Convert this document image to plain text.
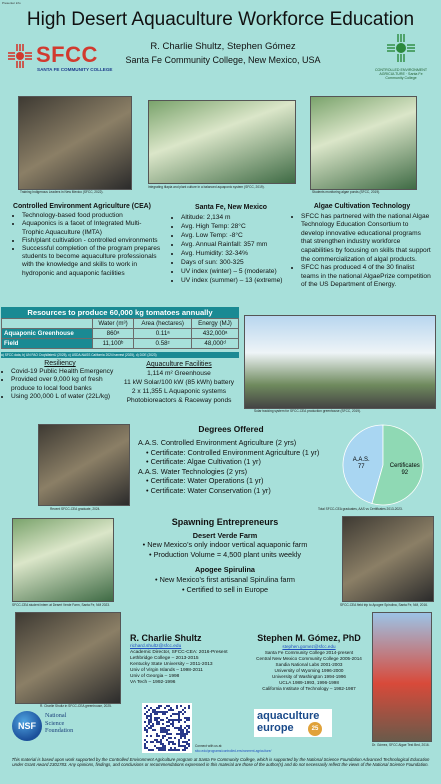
Presenter info
High Desert Aquaculture Workforce Education
SFCC
SANTA FE COMMUNITY COLLEGE
R. Charlie Shultz, Stephen Gómez
Santa Fe Community College, New Mexico, USA
CONTROLLED ENVIRONMENT AGRICULTURE · Santa Fe Community College
Training Indigenous Leaders in New Mexico (SFCC, 2022).
Integrating tilapia and plant culture in a balanced aquaponic system (SFCC, 2019).
Students monitoring algae ponds (SFCC, 2019).
Controlled Environment Agriculture (CEA)
• Technology-based food production
• Aquaponics is a facet of Integrated Multi-Trophic Aquaculture (IMTA)
• Fish/plant cultivation - controlled environments
• Successful completion of the program prepares students to become aquaculture professionals with the knowledge and skills to work in hydroponic and aquaponic facilities
Santa Fe, New Mexico
• Altitude: 2,134 m
• Avg. High Temp: 28°C
• Avg. Low Temp: -8°C
• Avg. Annual Rainfall: 357 mm
• Avg. Humidity: 32-34%
• Days of sun: 300-325
• UV index (winter) – 5 (moderate)
• UV index (summer) – 13 (extreme)
Algae Cultivation Technology
• SFCC has partnered with the national Algae Technology Education Consortium to develop innovative educational programs that strengthen industry workforce capabilities by focusing on skills that support the commercialization of algal products.
• SFCC has produced 4 of the 30 finalist teams in the national AlgaePrize competition of the US Department of Energy.
Resources to produce 60,000 kg tomatoes annually
	Water (m³)	Area (hectares)	Energy (MJ)
Aquaponic Greenhouse	860ᵃ	0.11ᵃ	432,000ᵃ
Field	11,100ᵇ	0.58ᶜ	48,000ᵈ
a) SFCC data, b) UN FAO CropWaterU (2025), c) USDA-NASS California 2024 harvest (2025), d) DOE (2023)
Resiliency
• Covid-19 Public Health Emergency
• Provided over 9,000 kg of fresh produce to local food banks
• Using 200,000 L of water (22L/kg)
Aquaculture Facilities
1,114 m² Greenhouse
11 kW Solar/100 kW (85 kWh) battery
2 x 11,355 L Aquaponic systems
Photobioreactors & Raceway ponds
Solar tracking system for SFCC-CEA production greenhouse (SFCC, 2019).
Recent SFCC-CEA graduate, 2024.
Degrees Offered
A.A.S. Controlled Environment Agriculture (2 yrs)
• Certificate: Controlled Environment Agriculture (1 yr)
• Certificate: Algae Cultivation (1 yr)
A.A.S. Water Technologies (2 yrs)
• Certificate: Water Operations (1 yr)
• Certificate: Water Conservation (1 yr)
A.A.S.
77	Certificates
92
Total SFCC-CEA graduates, AAS vs Certificates 2013-2023.
SFCC-CEA student intern at Desert Verde Farm, Santa Fe, NM 2023.
Spawning Entrepreneurs
Desert Verde Farm
• New Mexico’s only indoor vertical aquaponic farm
• Production Volume = 4,500 plant units weekly
Apogee Spirulina
• New Mexico’s first artisanal Spirulina farm
• Certified to sell in Europe
SFCC-CEA field trip to Apogee Spirulina, Santa Fe, NM, 2016.
R. Charlie Shultz in SFCC-CEA greenhouse, 2025.
R. Charlie Shultz
richard.shultz@sfcc.edu
Academic Director, SFCC-CEA: 2016-Present
Lethbridge College – 2013-2015
Kentucky State University – 2011-2013
Univ of Virgin Islands – 1998-2011
Univ of Georgia – 1998
VA Tech – 1992-1996
Stephen M. Gómez, PhD
stephen.gomez@sfcc.edu
Santa Fe Community College 2014-present
Central New Mexico Community College 2005-2014
Sandia National Labs 2001-2003
University of Wyoming 1996-2000
University of Washington 1994-1996
UCLA 1989-1993, 1996-1998
California Institute of Technology – 1982-1987
Dr. Gómez, SFCC Algae Test Bed, 2016.
NSF
National
Science
Foundation
Connect with us at:
sfcc.edu/programs/controlled-environment-agriculture/
aquaculture
europe	25
This material is based upon work supported by the Controlled Environment Agriculture program at Santa Fe Community College, which is supported by the National Science Foundation Advanced Technological Education under Grant Award 2301783. Any opinions, findings, and conclusions or recommendations expressed in this material are those of the author(s) and do not necessarily reflect the views of the National Science Foundation.
